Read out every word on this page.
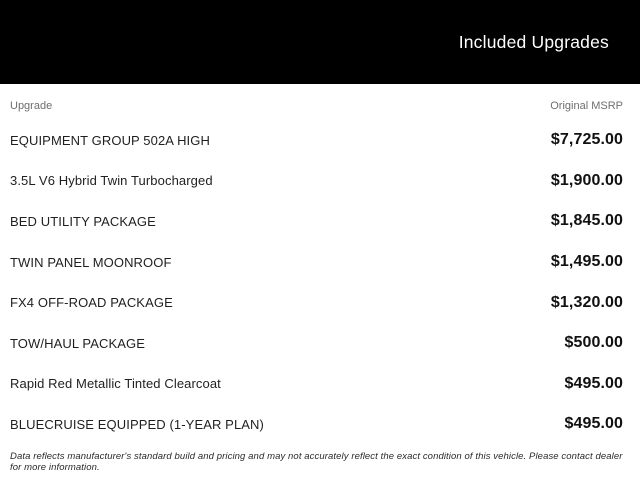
Included Upgrades
Upgrade	Original MSRP
EQUIPMENT GROUP 502A HIGH	$7,725.00
3.5L V6 Hybrid Twin Turbocharged	$1,900.00
BED UTILITY PACKAGE	$1,845.00
TWIN PANEL MOONROOF	$1,495.00
FX4 OFF-ROAD PACKAGE	$1,320.00
TOW/HAUL PACKAGE	$500.00
Rapid Red Metallic Tinted Clearcoat	$495.00
BLUECRUISE EQUIPPED (1-YEAR PLAN)	$495.00
Data reflects manufacturer's standard build and pricing and may not accurately reflect the exact condition of this vehicle. Please contact dealer for more information.
